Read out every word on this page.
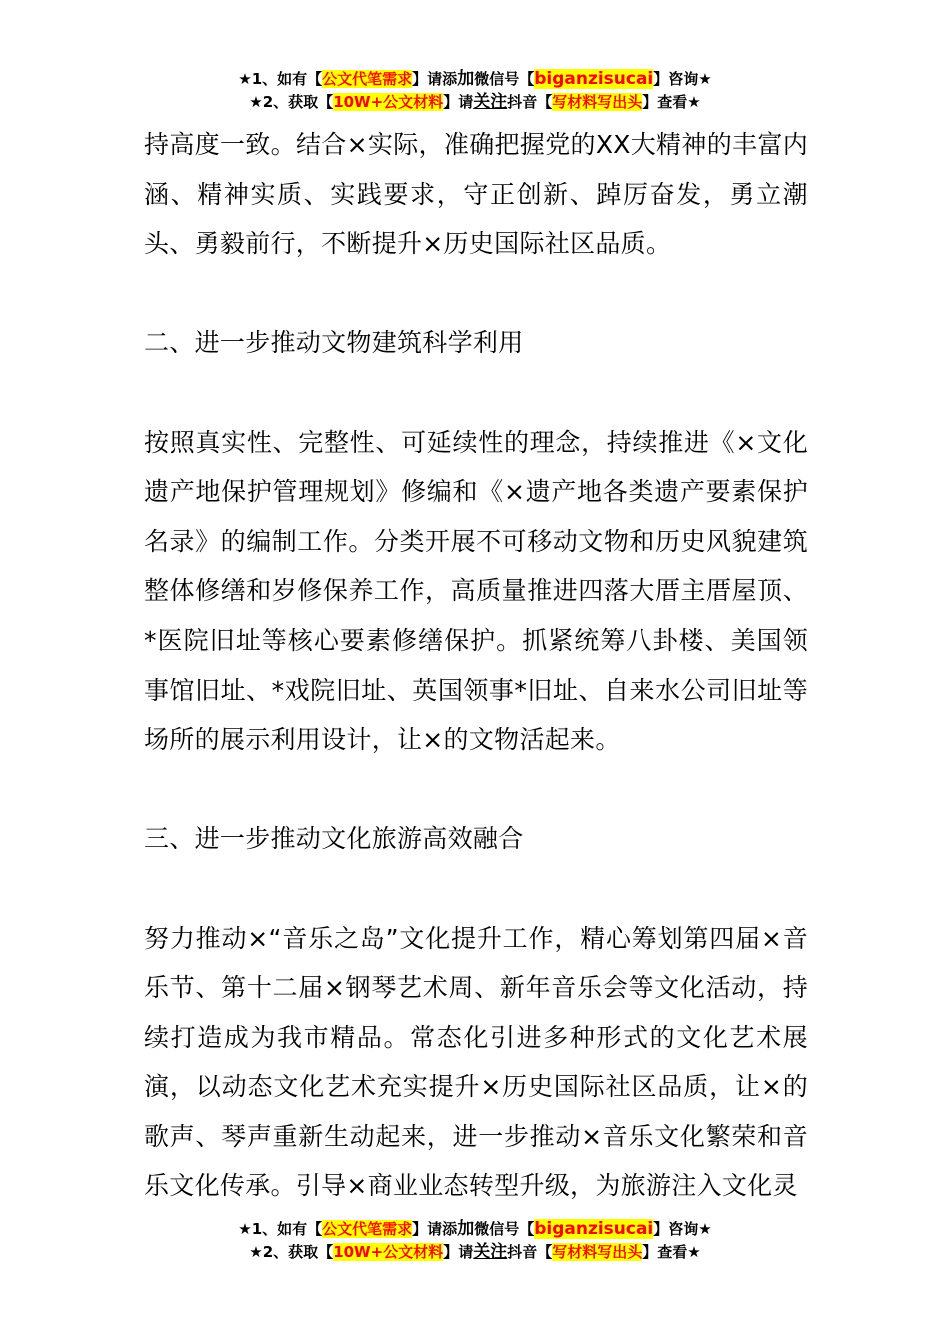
★1、如有【公文代笔需求】请添加微信号【biganzisucai】咨询★
★2、获取【10W+公文材料】请关注抖音【写材料写出头】查看★

持高度一致。结合×实际，准确把握党的XX大精神的丰富内涵、精神实质、实践要求，守正创新、踔厉奋发，勇立潮头、勇毅前行，不断提升×历史国际社区品质。

二、进一步推动文物建筑科学利用

按照真实性、完整性、可延续性的理念，持续推进《×文化遗产地保护管理规划》修编和《×遗产地各类遗产要素保护名录》的编制工作。分类开展不可移动文物和历史风貌建筑整体修缮和岁修保养工作，高质量推进四落大厝主厝屋顶、*医院旧址等核心要素修缮保护。抓紧统筹八卦楼、美国领事馆旧址、*戏院旧址、英国领事*旧址、自来水公司旧址等场所的展示利用设计，让×的文物活起来。

三、进一步推动文化旅游高效融合

努力推动×“音乐之岛”文化提升工作，精心筹划第四届×音乐节、第十二届×钢琴艺术周、新年音乐会等文化活动，持续打造成为我市精品。常态化引进多种形式的文化艺术展演，以动态文化艺术充实提升×历史国际社区品质，让×的歌声、琴声重新生动起来，进一步推动×音乐文化繁荣和音乐文化传承。引导×商业业态转型升级，为旅游注入文化灵

★1、如有【公文代笔需求】请添加微信号【biganzisucai】咨询★
★2、获取【10W+公文材料】请关注抖音【写材料写出头】查看★
